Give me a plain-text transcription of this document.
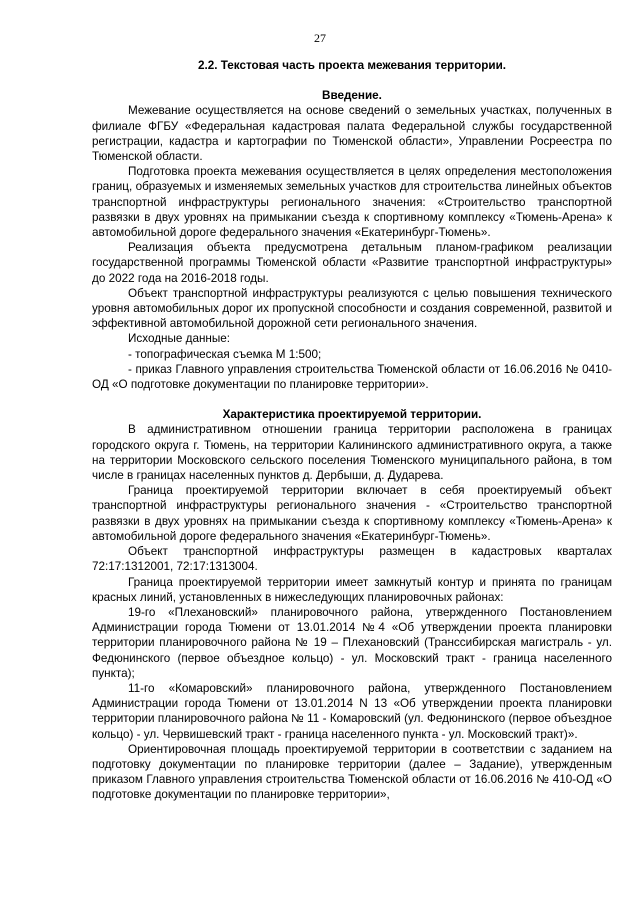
27

2.2. Текстовая часть проекта межевания территории.

Введение.

Межевание осуществляется на основе сведений о земельных участках, полученных в филиале ФГБУ «Федеральная кадастровая палата Федеральной службы государственной регистрации, кадастра и картографии по Тюменской области», Управлении Росреестра по Тюменской области.

Подготовка проекта межевания осуществляется в целях определения местоположения границ, образуемых и изменяемых земельных участков для строительства линейных объектов транспортной инфраструктуры регионального значения: «Строительство транспортной развязки в двух уровнях на примыкании съезда к спортивному комплексу «Тюмень-Арена» к автомобильной дороге федерального значения «Екатеринбург-Тюмень».

Реализация объекта предусмотрена детальным планом-графиком реализации государственной программы Тюменской области «Развитие транспортной инфраструктуры» до 2022 года на 2016-2018 годы.

Объект транспортной инфраструктуры реализуются с целью повышения технического уровня автомобильных дорог их пропускной способности и создания современной, развитой и эффективной автомобильной дорожной сети регионального значения.

Исходные данные:

- топографическая съемка М 1:500;

- приказ Главного управления строительства Тюменской области от 16.06.2016 № 0410-ОД «О подготовке документации по планировке территории».

Характеристика проектируемой территории.

В административном отношении граница территории расположена в границах городского округа г. Тюмень, на территории Калининского административного округа, а также на территории Московского сельского поселения Тюменского муниципального района, в том числе в границах населенных пунктов д. Дербыши, д. Дударева.

Граница проектируемой территории включает в себя проектируемый объект транспортной инфраструктуры регионального значения - «Строительство транспортной развязки в двух уровнях на примыкании съезда к спортивному комплексу «Тюмень-Арена» к автомобильной дороге федерального значения «Екатеринбург-Тюмень».

Объект транспортной инфраструктуры размещен в кадастровых кварталах 72:17:1312001, 72:17:1313004.

Граница проектируемой территории имеет замкнутый контур и принята по границам красных линий, установленных в нижеследующих планировочных районах:

19-го «Плехановский» планировочного района, утвержденного Постановлением Администрации города Тюмени от 13.01.2014 №4 «Об утверждении проекта планировки территории планировочного района № 19 – Плехановский (Транссибирская магистраль - ул. Федюнинского (первое объездное кольцо) - ул. Московский тракт - граница населенного пункта);

11-го «Комаровский» планировочного района, утвержденного Постановлением Администрации города Тюмени от 13.01.2014 N 13 «Об утверждении проекта планировки территории планировочного района № 11 - Комаровский (ул. Федюнинского (первое объездное кольцо) - ул. Червишевский тракт - граница населенного пункта - ул. Московский тракт)».

Ориентировочная площадь проектируемой территории в соответствии с заданием на подготовку документации по планировке территории (далее – Задание), утвержденным приказом Главного управления строительства Тюменской области от 16.06.2016 № 410-ОД «О подготовке документации по планировке территории»,
